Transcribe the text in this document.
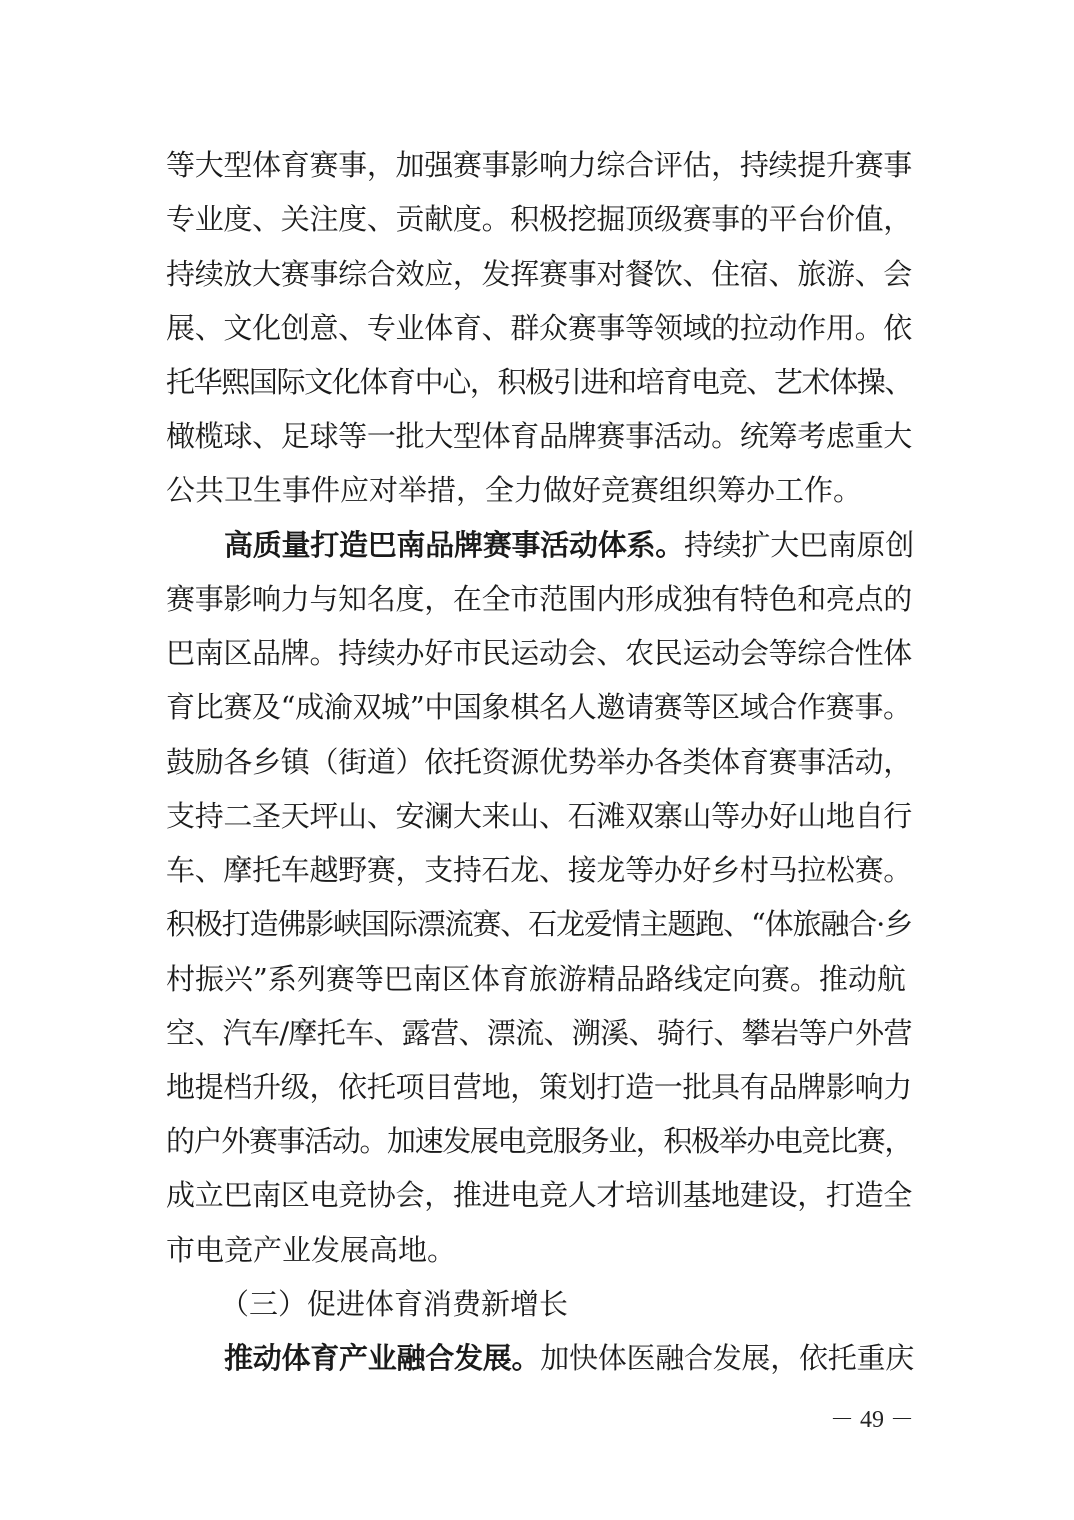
等大型体育赛事，加强赛事影响力综合评估，持续提升赛事
专业度、关注度、贡献度。积极挖掘顶级赛事的平台价值，
持续放大赛事综合效应，发挥赛事对餐饮、住宿、旅游、会
展、文化创意、专业体育、群众赛事等领域的拉动作用。依
托华熙国际文化体育中心，积极引进和培育电竞、艺术体操、
橄榄球、足球等一批大型体育品牌赛事活动。统筹考虑重大
公共卫生事件应对举措，全力做好竞赛组织筹办工作。
高质量打造巴南品牌赛事活动体系。持续扩大巴南原创
赛事影响力与知名度，在全市范围内形成独有特色和亮点的
巴南区品牌。持续办好市民运动会、农民运动会等综合性体
育比赛及“成渝双城”中国象棋名人邀请赛等区域合作赛事。
鼓励各乡镇（街道）依托资源优势举办各类体育赛事活动，
支持二圣天坪山、安澜大来山、石滩双寨山等办好山地自行
车、摩托车越野赛，支持石龙、接龙等办好乡村马拉松赛。
积极打造佛影峡国际漂流赛、石龙爱情主题跑、“体旅融合·乡
村振兴”系列赛等巴南区体育旅游精品路线定向赛。推动航
空、汽车/摩托车、露营、漂流、溯溪、骑行、攀岩等户外营
地提档升级，依托项目营地，策划打造一批具有品牌影响力
的户外赛事活动。加速发展电竞服务业，积极举办电竞比赛，
成立巴南区电竞协会，推进电竞人才培训基地建设，打造全
市电竞产业发展高地。
（三）促进体育消费新增长
推动体育产业融合发展。加快体医融合发展，依托重庆
－ 49 －
